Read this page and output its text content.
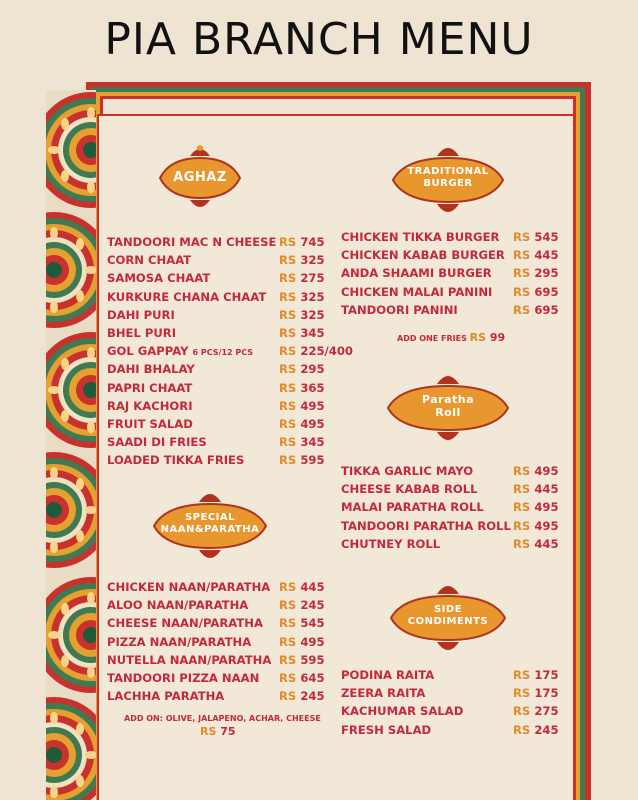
PIA BRANCH MENU
AGHAZ	TRADITIONAL
BURGER
SPECIAL
NAAN&PARATHA
Paratha
Roll
SIDE
CONDIMENTS
TANDOORI MAC N CHEESE RS 745
CORN CHAAT	RS 325
SAMOSA CHAAT	RS 275
KURKURE CHANA CHAAT RS 325
DAHI PURI	RS 325
BHEL PURI	RS 345
GOL GAPPAY 6 PCS/12 PCS RS 225/400
DAHI BHALAY	RS 295
PAPRI CHAAT	RS 365
RAJ KACHORI	RS 495
FRUIT SALAD	RS 495
SAADI DI FRIES	RS 345
LOADED TIKKA FRIES	RS 595
CHICKEN NAAN/PARATHA RS 445
ALOO NAAN/PARATHA	RS 245
CHEESE NAAN/PARATHA RS 545
PIZZA NAAN/PARATHA RS 495
NUTELLA NAAN/PARATHA RS 595
TANDOORI PIZZA NAAN RS 645
LACHHA PARATHA	RS 245
CHICKEN TIKKA BURGER RS 545
CHICKEN KABAB BURGER RS 445
ANDA SHAAMI BURGER RS 295
CHICKEN MALAI PANINI RS 695
TANDOORI PANINI	RS 695
TIKKA GARLIC MAYO	RS 495
CHEESE KABAB ROLL	RS 445
MALAI PARATHA ROLL	RS 495
TANDOORI PARATHA ROLL RS 495
CHUTNEY ROLL	RS 445
PODINA RAITA	RS 175
ZEERA RAITA	RS 175
KACHUMAR SALAD	RS 275
FRESH SALAD	RS 245
ADD ONE FRIES RS 99
ADD ON: OLIVE, JALAPENO, ACHAR, CHEESE
RS 75
